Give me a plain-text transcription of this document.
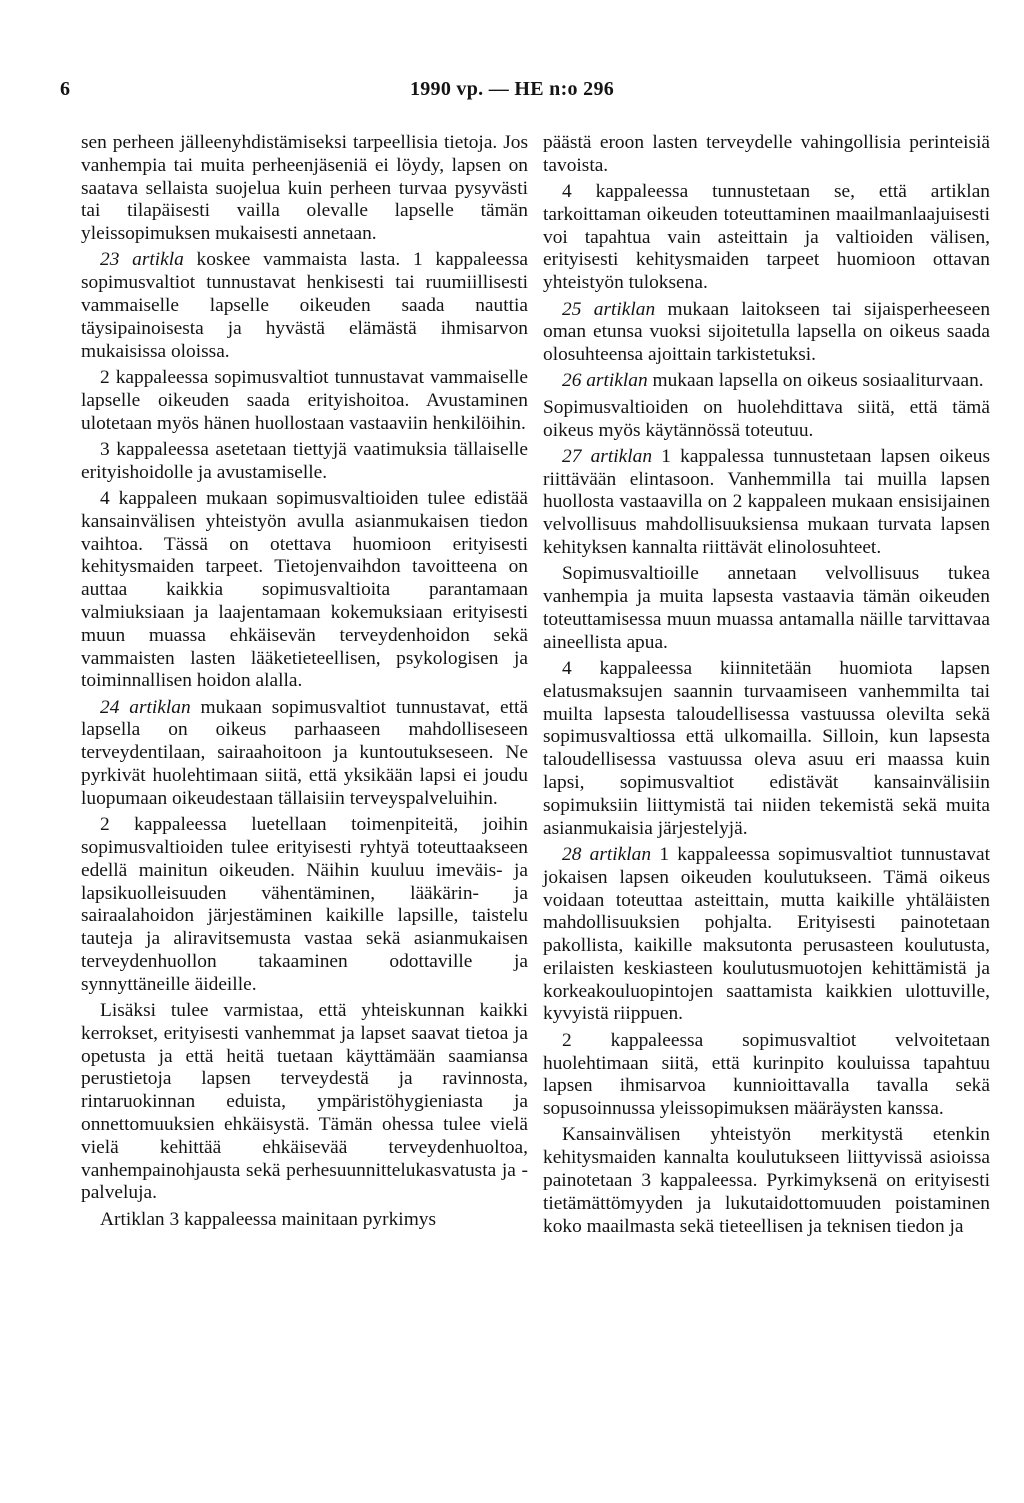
6	1990 vp. — HE n:o 296

sen perheen jälleenyhdistämiseksi tarpeellisia tietoja. Jos vanhempia tai muita perheenjäseniä ei löydy, lapsen on saatava sellaista suojelua kuin perheen turvaa pysyvästi tai tilapäisesti vailla olevalle lapselle tämän yleissopimuksen mukaisesti annetaan.

23 artikla koskee vammaista lasta. 1 kappaleessa sopimusvaltiot tunnustavat henkisesti tai ruumiillisesti vammaiselle lapselle oikeuden saada nauttia täysipainoisesta ja hyvästä elämästä ihmisarvon mukaisissa oloissa.

2 kappaleessa sopimusvaltiot tunnustavat vammaiselle lapselle oikeuden saada erityishoitoa. Avustaminen ulotetaan myös hänen huollostaan vastaaviin henkilöihin.

3 kappaleessa asetetaan tiettyjä vaatimuksia tällaiselle erityishoidolle ja avustamiselle.

4 kappaleen mukaan sopimusvaltioiden tulee edistää kansainvälisen yhteistyön avulla asianmukaisen tiedon vaihtoa. Tässä on otettava huomioon erityisesti kehitysmaiden tarpeet. Tietojenvaihdon tavoitteena on auttaa kaikkia sopimusvaltioita parantamaan valmiuksiaan ja laajentamaan kokemuksiaan erityisesti muun muassa ehkäisevän terveydenhoidon sekä vammaisten lasten lääketieteellisen, psykologisen ja toiminnallisen hoidon alalla.

24 artiklan mukaan sopimusvaltiot tunnustavat, että lapsella on oikeus parhaaseen mahdolliseseen terveydentilaan, sairaahoitoon ja kuntoutukseseen. Ne pyrkivät huolehtimaan siitä, että yksikään lapsi ei joudu luopumaan oikeudestaan tällaisiin terveyspalveluihin.

2 kappaleessa luetellaan toimenpiteitä, joihin sopimusvaltioiden tulee erityisesti ryhtyä toteuttaakseen edellä mainitun oikeuden. Näihin kuuluu imeväis- ja lapsikuolleisuuden vähentäminen, lääkärin- ja sairaalahoidon järjestäminen kaikille lapsille, taistelu tauteja ja aliravitsemusta vastaa sekä asianmukaisen terveydenhuollon takaaminen odottaville ja synnyttäneille äideille.

Lisäksi tulee varmistaa, että yhteiskunnan kaikki kerrokset, erityisesti vanhemmat ja lapset saavat tietoa ja opetusta ja että heitä tuetaan käyttämään saamiansa perustietoja lapsen terveydestä ja ravinnosta, rintaruokinnan eduista, ympäristöhygieniasta ja onnettomuuksien ehkäisystä. Tämän ohessa tulee vielä vielä kehittää ehkäisevää terveydenhuoltoa, vanhempainohjausta sekä perhesuunnittelukasvatusta ja -palveluja.

Artiklan 3 kappaleessa mainitaan pyrkimys

päästä eroon lasten terveydelle vahingollisia perinteisiä tavoista.

4 kappaleessa tunnustetaan se, että artiklan tarkoittaman oikeuden toteuttaminen maailmanlaajuisesti voi tapahtua vain asteittain ja valtioiden välisen, erityisesti kehitysmaiden tarpeet huomioon ottavan yhteistyön tuloksena.

25 artiklan mukaan laitokseen tai sijaisperheeseen oman etunsa vuoksi sijoitetulla lapsella on oikeus saada olosuhteensa ajoittain tarkistetuksi.

26 artiklan mukaan lapsella on oikeus sosiaaliturvaan.

Sopimusvaltioiden on huolehdittava siitä, että tämä oikeus myös käytännössä toteutuu.

27 artiklan 1 kappalessa tunnustetaan lapsen oikeus riittävään elintasoon. Vanhemmilla tai muilla lapsen huollosta vastaavilla on 2 kappaleen mukaan ensisijainen velvollisuus mahdollisuuksiensa mukaan turvata lapsen kehityksen kannalta riittävät elinolosuhteet.

Sopimusvaltioille annetaan velvollisuus tukea vanhempia ja muita lapsesta vastaavia tämän oikeuden toteuttamisessa muun muassa antamalla näille tarvittavaa aineellista apua.

4 kappaleessa kiinnitetään huomiota lapsen elatusmaksujen saannin turvaamiseen vanhemmilta tai muilta lapsesta taloudellisessa vastuussa olevilta sekä sopimusvaltiossa että ulkomailla. Silloin, kun lapsesta taloudellisessa vastuussa oleva asuu eri maassa kuin lapsi, sopimusvaltiot edistävät kansainvälisiin sopimuksiin liittymistä tai niiden tekemistä sekä muita asianmukaisia järjestelyjä.

28 artiklan 1 kappaleessa sopimusvaltiot tunnustavat jokaisen lapsen oikeuden koulutukseen. Tämä oikeus voidaan toteuttaa asteittain, mutta kaikille yhtäläisten mahdollisuuksien pohjalta. Erityisesti painotetaan pakollista, kaikille maksutonta perusasteen koulutusta, erilaisten keskiasteen koulutusmuotojen kehittämistä ja korkeakouluopintojen saattamista kaikkien ulottuville, kyvyistä riippuen.

2 kappaleessa sopimusvaltiot velvoitetaan huolehtimaan siitä, että kurinpito kouluissa tapahtuu lapsen ihmisarvoa kunnioittavalla tavalla sekä sopusoinnussa yleissopimuksen määräysten kanssa.

Kansainvälisen yhteistyön merkitystä etenkin kehitysmaiden kannalta koulutukseen liittyvissä asioissa painotetaan 3 kappaleessa. Pyrkimyksenä on erityisesti tietämättömyyden ja lukutaidottomuuden poistaminen koko maailmasta sekä tieteellisen ja teknisen tiedon ja
